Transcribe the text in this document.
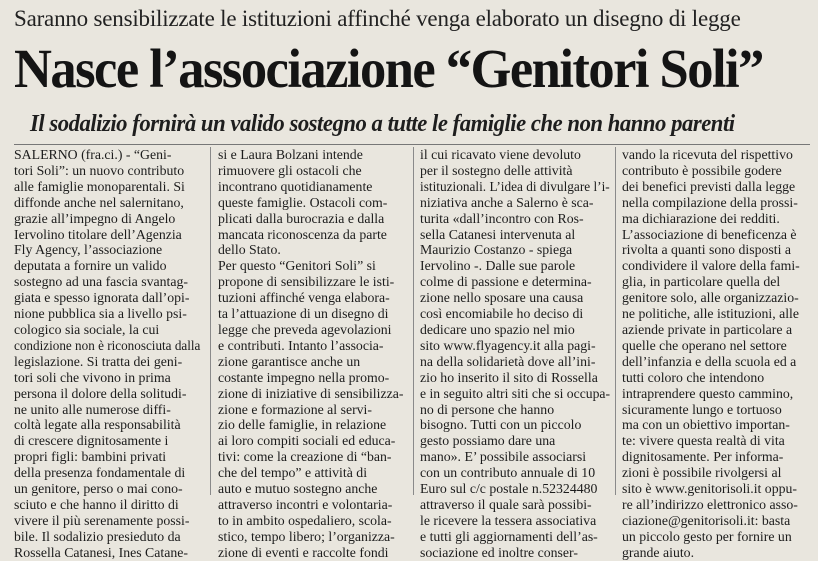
Saranno sensibilizzate le istituzioni affinché venga elaborato un disegno di legge
Nasce l’associazione “Genitori Soli”
Il sodalizio fornirà un valido sostegno a tutte le famiglie che non hanno parenti
SALERNO (fra.ci.) - “Geni-
tori Soli”: un nuovo contributo
alle famiglie monoparentali. Si
diffonde anche nel salernitano,
grazie all’impegno di Angelo
Iervolino titolare dell’Agenzia
Fly Agency, l’associazione
deputata a fornire un valido
sostegno ad una fascia svantag-
giata e spesso ignorata dall’opi-
nione pubblica sia a livello psi-
cologico sia sociale, la cui
condizione non è riconosciuta dalla
legislazione. Si tratta dei geni-
tori soli che vivono in prima
persona il dolore della solitudi-
ne unito alle numerose diffi-
coltà legate alla responsabilità
di crescere dignitosamente i
propri figli: bambini privati
della presenza fondamentale di
un genitore, perso o mai cono-
sciuto e che hanno il diritto di
vivere il più serenamente possi-
bile. Il sodalizio presieduto da
Rossella Catanesi, Ines Catane-
si e Laura Bolzani intende
rimuovere gli ostacoli che
incontrano quotidianamente
queste famiglie. Ostacoli com-
plicati dalla burocrazia e dalla
mancata riconoscenza da parte
dello Stato.
Per questo “Genitori Soli” si
propone di sensibilizzare le isti-
tuzioni affinché venga elabora-
ta l’attuazione di un disegno di
legge che preveda agevolazioni
e contributi. Intanto l’associa-
zione garantisce anche un
costante impegno nella promo-
zione di iniziative di sensibilizza-
zione e formazione al servi-
zio delle famiglie, in relazione
ai loro compiti sociali ed educa-
tivi: come la creazione di “ban-
che del tempo” e attività di
auto e mutuo sostegno anche
attraverso incontri e volontaria-
to in ambito ospedaliero, scola-
stico, tempo libero; l’organizza-
zione di eventi e raccolte fondi
il cui ricavato viene devoluto
per il sostegno delle attività
istituzionali. L’idea di divulgare l’i-
niziativa anche a Salerno è sca-
turita «dall’incontro con Ros-
sella Catanesi intervenuta al
Maurizio Costanzo - spiega
Iervolino -. Dalle sue parole
colme di passione e determina-
zione nello sposare una causa
così encomiabile ho deciso di
dedicare uno spazio nel mio
sito www.flyagency.it alla pagi-
na della solidarietà dove all’ini-
zio ho inserito il sito di Rossella
e in seguito altri siti che si occupa-
no di persone che hanno
bisogno. Tutti con un piccolo
gesto possiamo dare una
mano». E’ possibile associarsi
con un contributo annuale di 10
Euro sul c/c postale n.52324480
attraverso il quale sarà possibi-
le ricevere la tessera associativa
e tutti gli aggiornamenti dell’as-
sociazione ed inoltre conser-
vando la ricevuta del rispettivo
contributo è possibile godere
dei benefici previsti dalla legge
nella compilazione della prossi-
ma dichiarazione dei redditi.
L’associazione di beneficenza è
rivolta a quanti sono disposti a
condividere il valore della fami-
glia, in particolare quella del
genitore solo, alle organizzazio-
ne politiche, alle istituzioni, alle
aziende private in particolare a
quelle che operano nel settore
dell’infanzia e della scuola ed a
tutti coloro che intendono
intraprendere questo cammino,
sicuramente lungo e tortuoso
ma con un obiettivo importan-
te: vivere questa realtà di vita
dignitosamente. Per informa-
zioni è possibile rivolgersi al
sito è www.genitorisoli.it oppu-
re all’indirizzo elettronico asso-
ciazione@genitorisoli.it: basta
un piccolo gesto per fornire un
grande aiuto.
